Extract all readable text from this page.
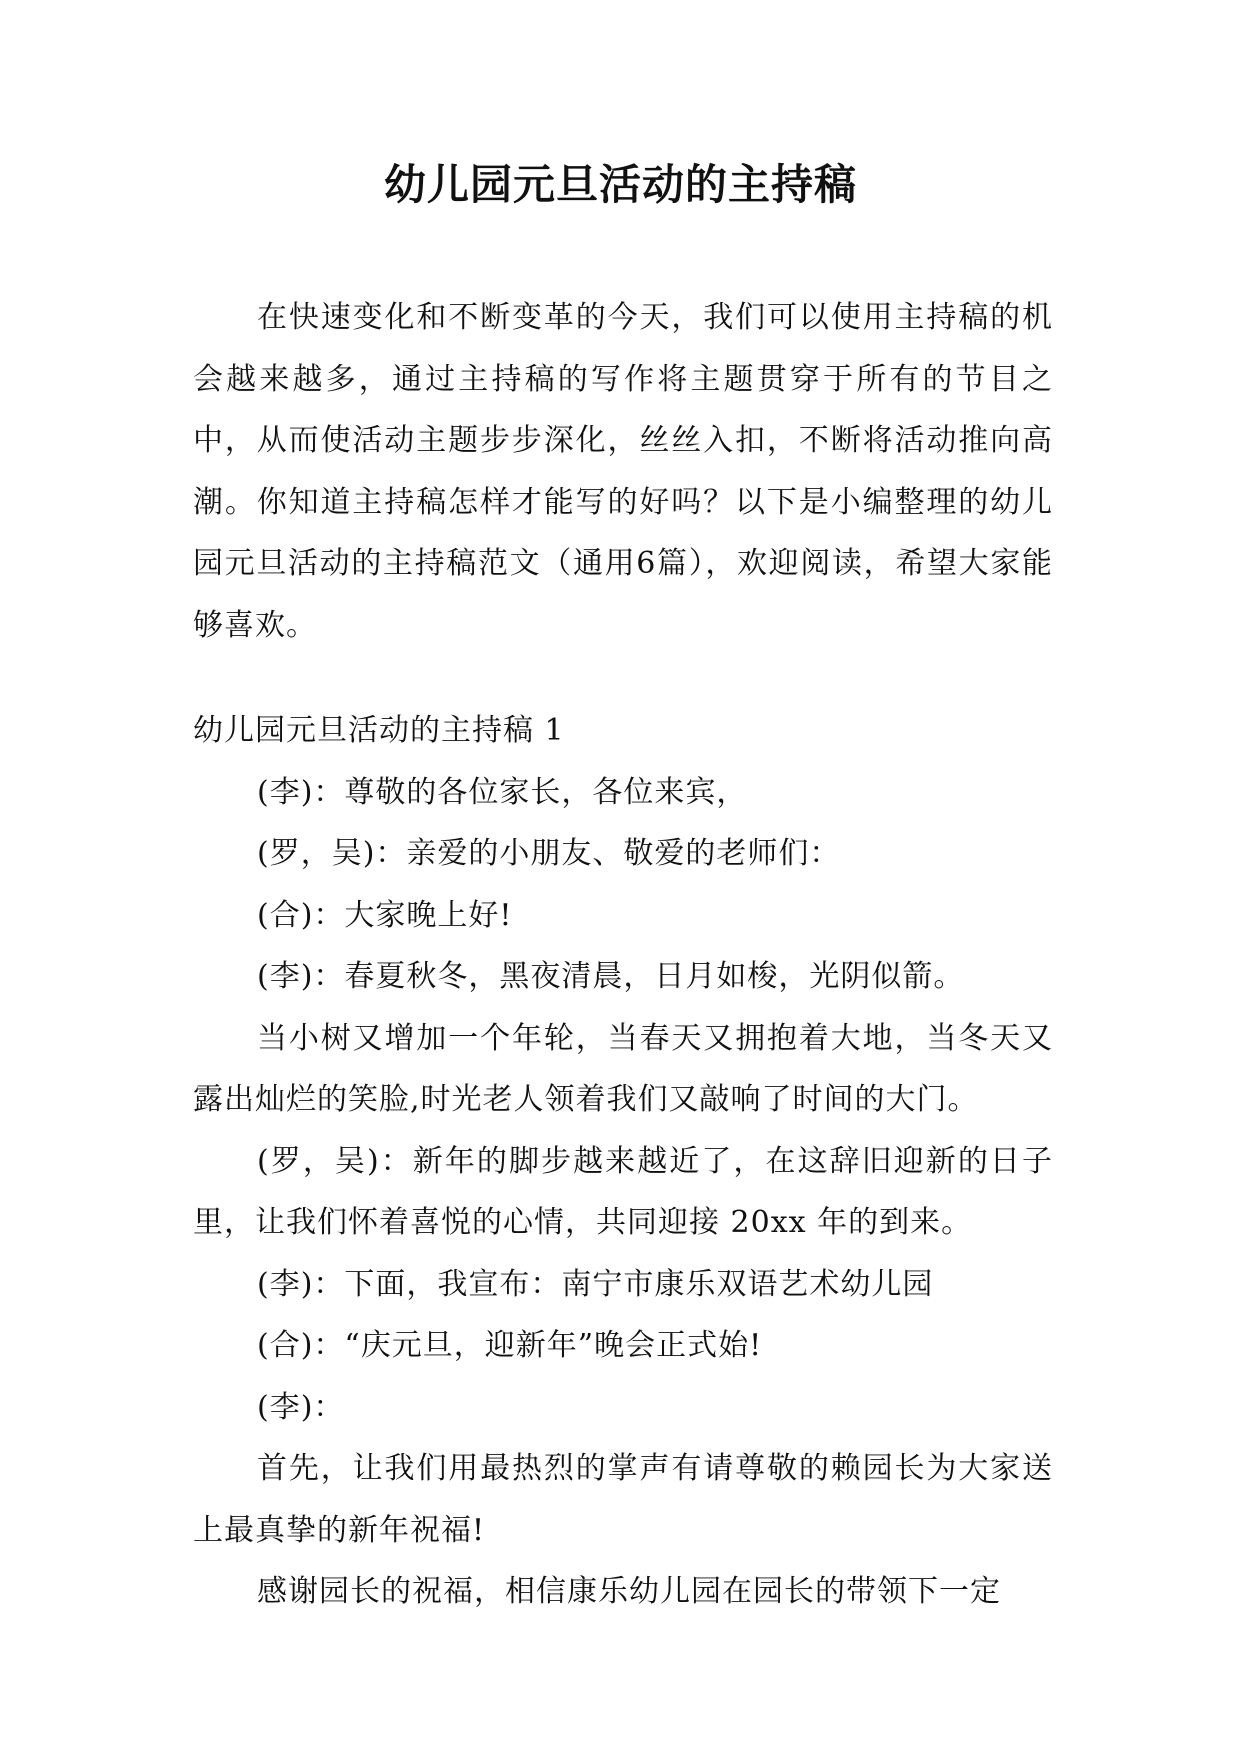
幼儿园元旦活动的主持稿

在快速变化和不断变革的今天，我们可以使用主持稿的机会越来越多，通过主持稿的写作将主题贯穿于所有的节目之中，从而使活动主题步步深化，丝丝入扣，不断将活动推向高潮。你知道主持稿怎样才能写的好吗？以下是小编整理的幼儿园元旦活动的主持稿范文（通用6篇），欢迎阅读，希望大家能够喜欢。

幼儿园元旦活动的主持稿 1

(李)：尊敬的各位家长，各位来宾，

(罗，吴)：亲爱的小朋友、敬爱的老师们：

(合)：大家晚上好!

(李)：春夏秋冬，黑夜清晨，日月如梭，光阴似箭。

当小树又增加一个年轮，当春天又拥抱着大地，当冬天又露出灿烂的笑脸,时光老人领着我们又敲响了时间的大门。

(罗，吴)：新年的脚步越来越近了，在这辞旧迎新的日子里，让我们怀着喜悦的心情，共同迎接 20xx 年的到来。

(李)：下面，我宣布：南宁市康乐双语艺术幼儿园

(合)：“庆元旦，迎新年”晚会正式始!

(李)：

首先，让我们用最热烈的掌声有请尊敬的赖园长为大家送上最真挚的新年祝福!

感谢园长的祝福，相信康乐幼儿园在园长的带领下一定
